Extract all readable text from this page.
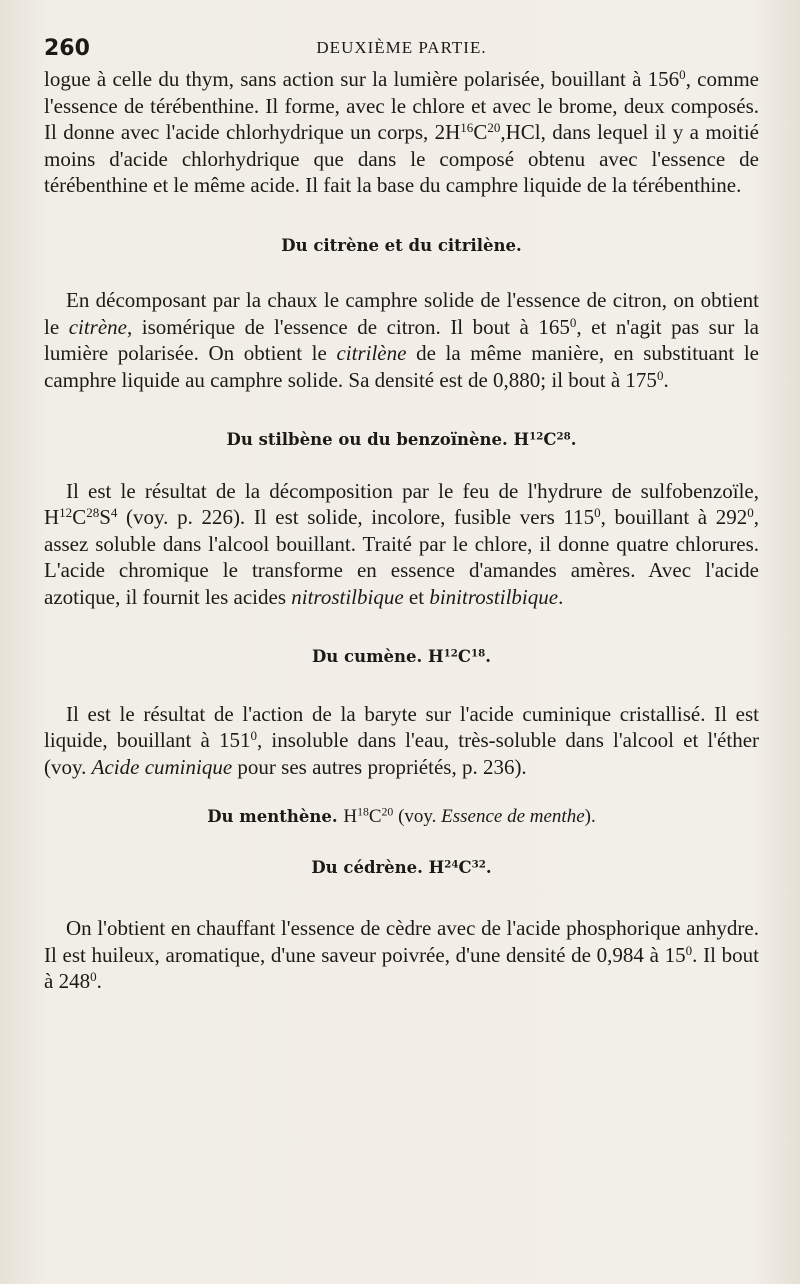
260	DEUXIÈME PARTIE.

logue à celle du thym, sans action sur la lumière polarisée, bouillant à $156^0$, comme l'essence de térébenthine. Il forme, avec le chlore et avec le brome, deux composés. Il donne avec l'acide chlorhydrique un corps, $2H^{16}C^{20},HCl$, dans lequel il y a moitié moins d'acide chlorhydrique que dans le composé obtenu avec l'essence de térébenthine et le même acide. Il fait la base du camphre liquide de la térébenthine.

Du citrène et du citrilène.

En décomposant par la chaux le camphre solide de l'essence de citron, on obtient le citrène, isomérique de l'essence de citron. Il bout à $165^0$, et n'agit pas sur la lumière polarisée. On obtient le citrilène de la même manière, en substituant le camphre liquide au camphre solide. Sa densité est de 0,880; il bout à $175^0$.

Du stilbène ou du benzoïnène. $H^{12}C^{28}$.

Il est le résultat de la décomposition par le feu de l'hydrure de sulfobenzoïle, $H^{12}C^{28}S^4$ (voy. p. 226). Il est solide, incolore, fusible vers $115^0$, bouillant à $292^0$, assez soluble dans l'alcool bouillant. Traité par le chlore, il donne quatre chlorures. L'acide chromique le transforme en essence d'amandes amères. Avec l'acide azotique, il fournit les acides nitrostilbique et binitrostilbique.

Du cumène. $H^{12}C^{18}$.

Il est le résultat de l'action de la baryte sur l'acide cuminique cristallisé. Il est liquide, bouillant à $151^0$, insoluble dans l'eau, très-soluble dans l'alcool et l'éther (voy. Acide cuminique pour ses autres propriétés, p. 236).

Du menthène. $H^{18}C^{20}$ (voy. Essence de menthe).

Du cédrène. $H^{24}C^{32}$.

On l'obtient en chauffant l'essence de cèdre avec de l'acide phosphorique anhydre. Il est huileux, aromatique, d'une saveur poivrée, d'une densité de 0,984 à $15^0$. Il bout à $248^0$.
